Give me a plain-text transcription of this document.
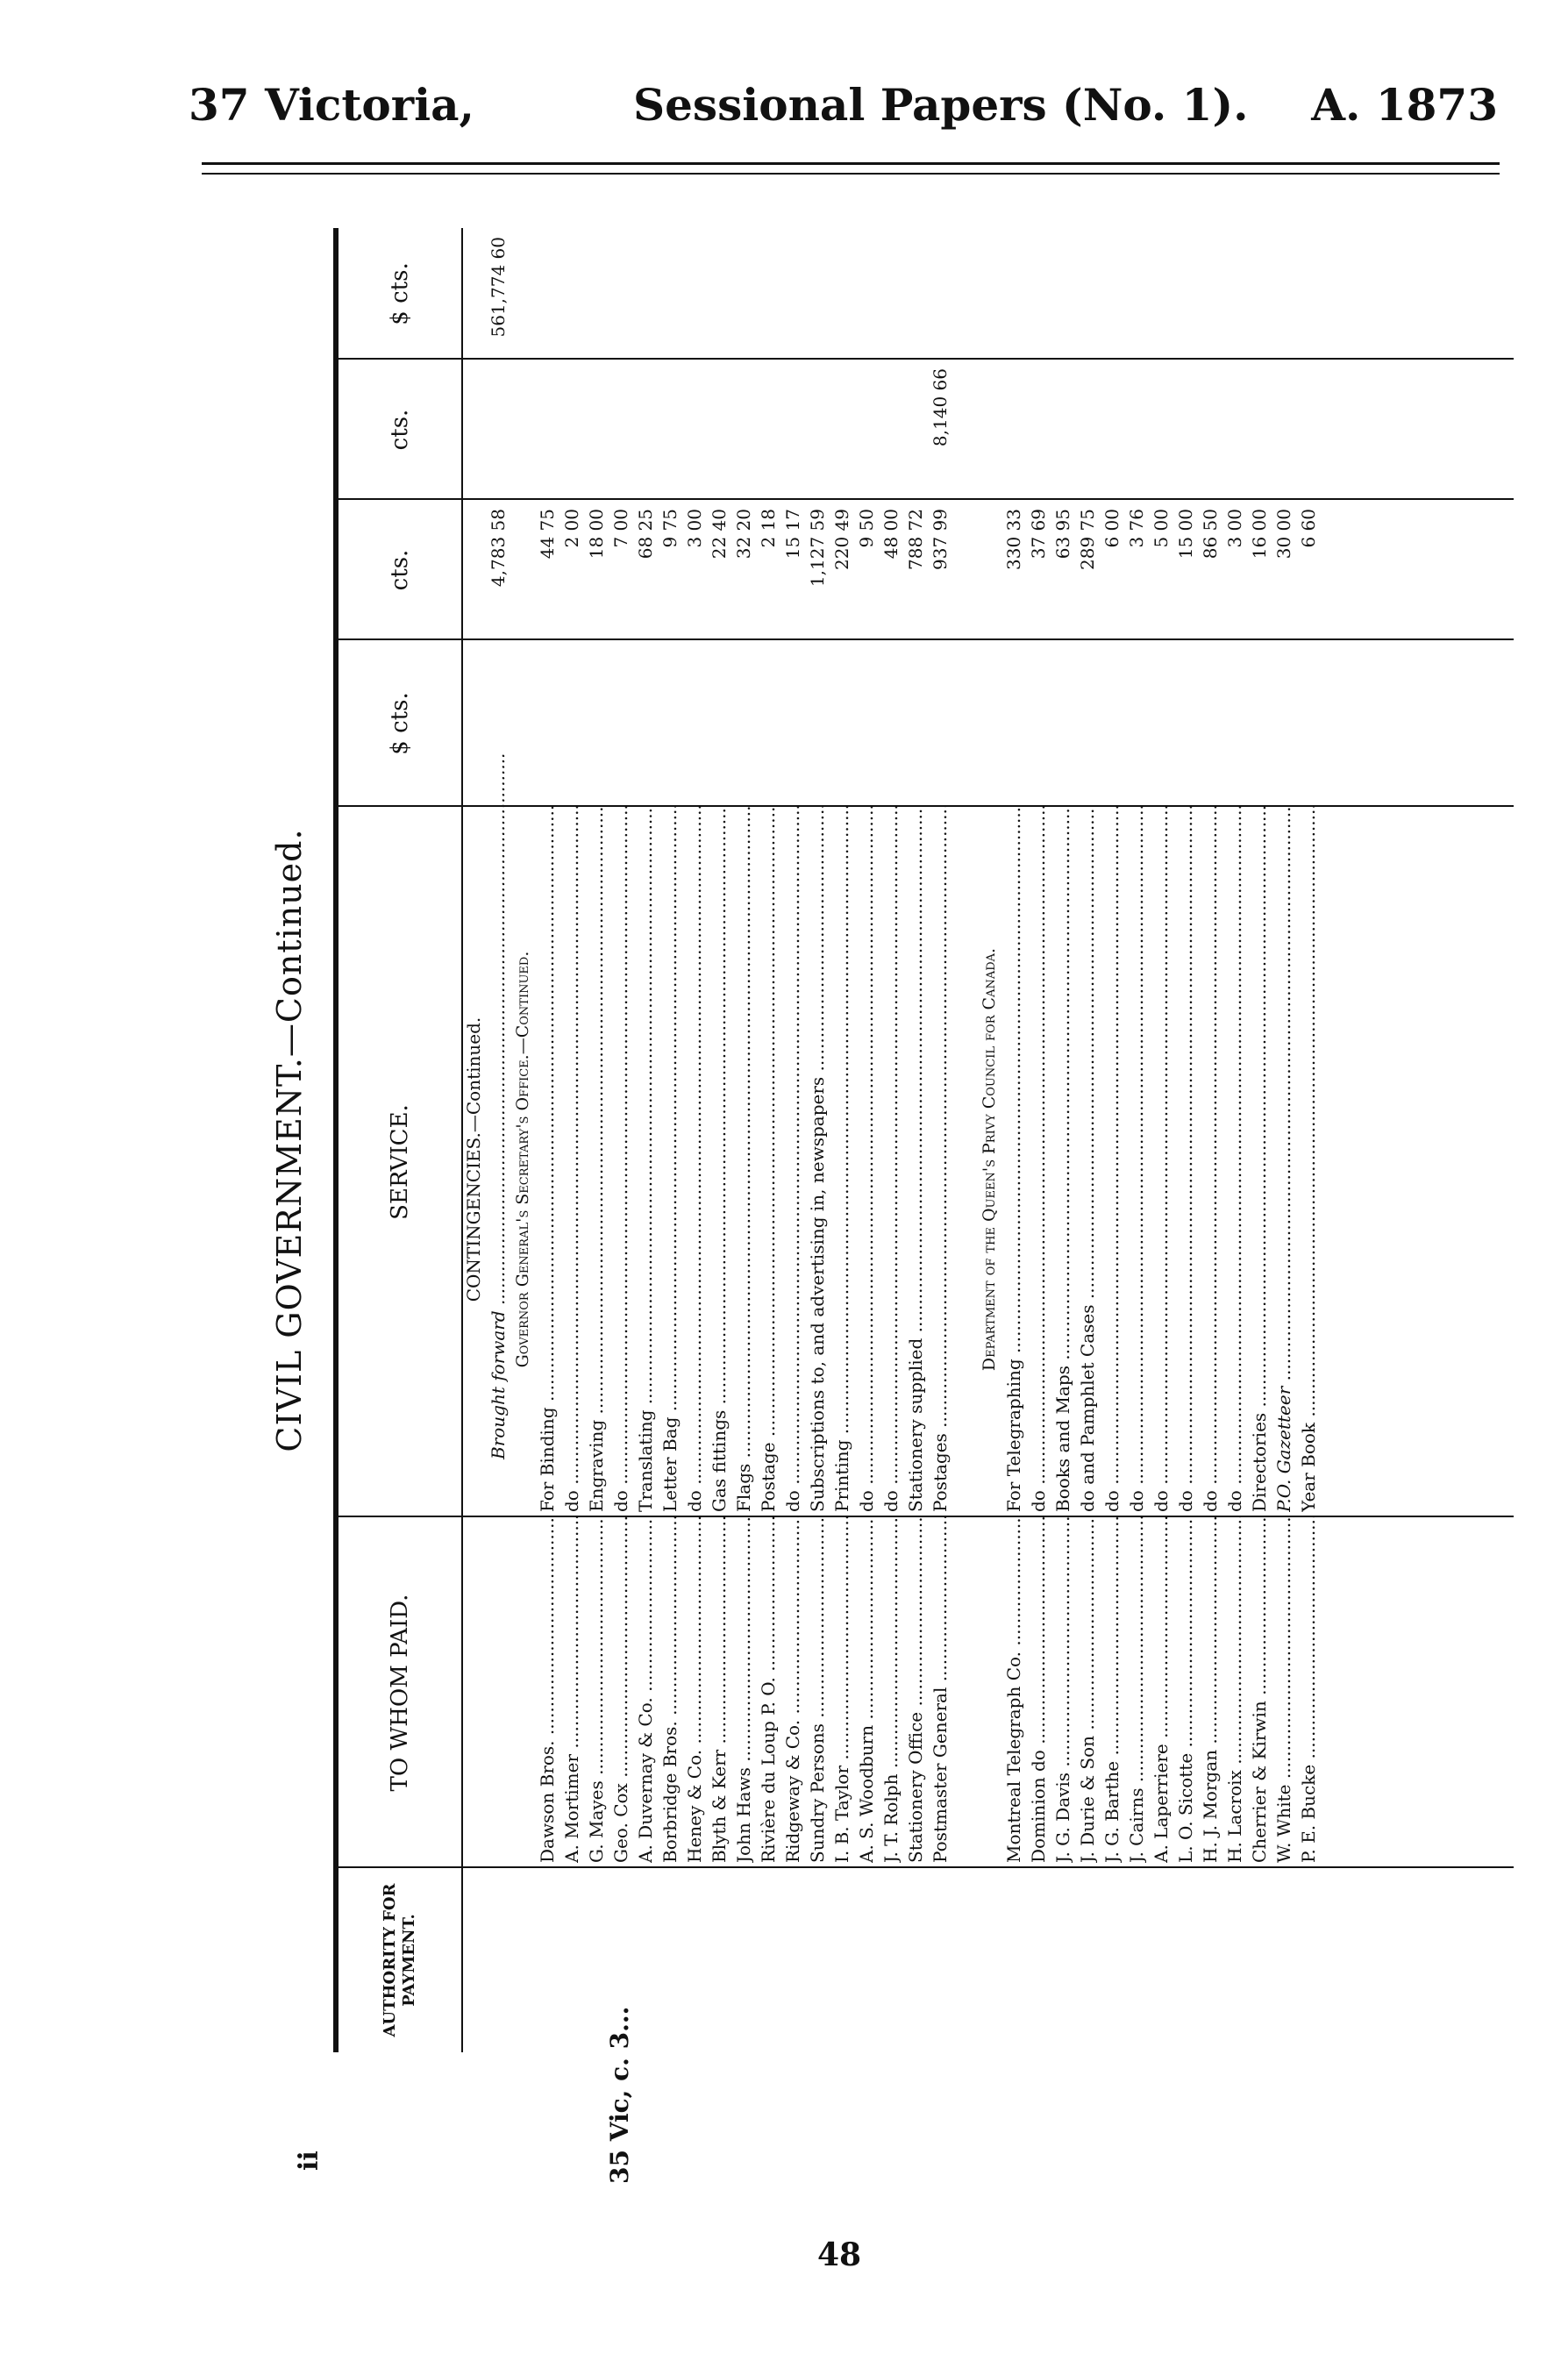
37 Victoria,	Sessional Papers (No. 1). A. 1873
ii
48
CIVIL GOVERNMENT.—Continued.
AUTHORITY FOR PAYMENT.
TO WHOM PAID.
SERVICE.
$ cts.
cts.
cts.
$ cts.
CONTINGENCIES.—Continued.
Brought forward .....
4,783 58
561,774 60
Governor General's Secretary's Office.—Continued.
Dawson Bros. .....
For Binding .....
44 75
A. Mortimer .....
do .....
2 00
G. Mayes .....
Engraving .....
18 00
Geo. Cox .....
do .....
7 00
A. Duvernay & Co. .....
Translating .....
68 25
Borbridge Bros. .....
Letter Bag .....
9 75
Heney & Co. .....
do .....
3 00
Blyth & Kerr .....
Gas fittings .....
22 40
John Haws .....
Flags .....
32 20
Rivière du Loup P. O. .....
Postage .....
2 18
Ridgeway & Co. .....
do .....
15 17
Sundry Persons .....
Subscriptions to, and advertising in, newspapers .....
1,127 59
I. B. Taylor .....
Printing .....
220 49
A. S. Woodburn .....
do .....
9 50
J. T. Rolph .....
do .....
48 00
Stationery Office .....
Stationery supplied .....
788 72
Postmaster General .....
Postages .....
937 99
8,140 66
Department of the Queen's Privy Council for Canada.
Montreal Telegraph Co. .....
For Telegraphing .....
330 33
Dominion do .....
do .....
37 69
J. G. Davis .....
Books and Maps .....
63 95
J. Durie & Son .....
do and Pamphlet Cases .....
289 75
J. G. Barthe .....
do .....
6 00
J. Cairns .....
do .....
3 76
A. Laperriere .....
do .....
5 00
L. O. Sicotte .....
do .....
15 00
H. J. Morgan .....
do .....
86 50
H. Lacroix .....
do .....
3 00
Cherrier & Kirwin .....
Directories .....
16 00
W. White .....
P.O. Gazetteer .....
30 00
P. E. Bucke .....
Year Book .....
6 60
35 Vic, c. 3...
